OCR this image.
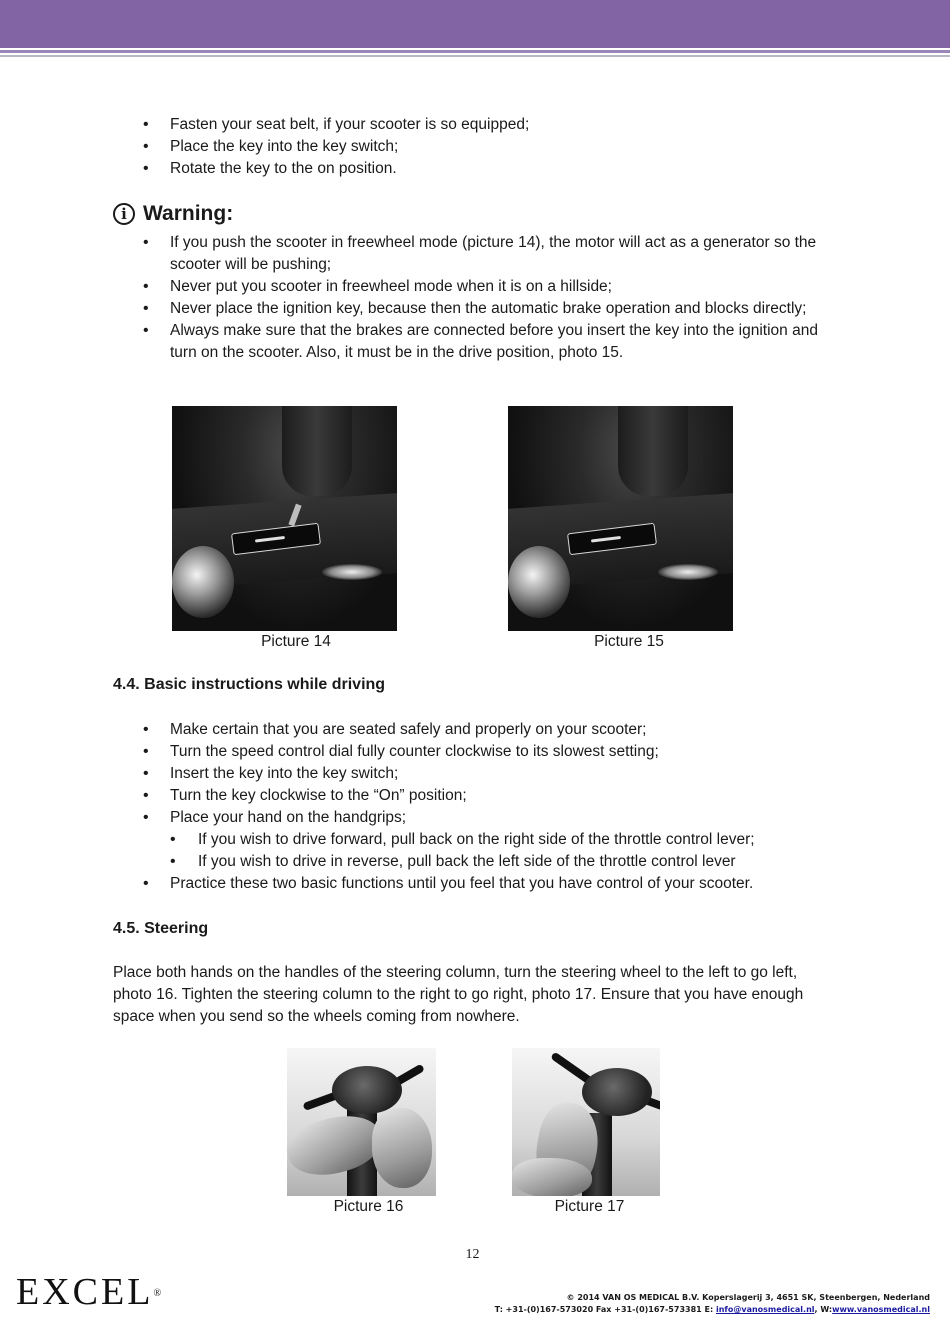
• Fasten your seat belt, if your scooter is so equipped;
• Place the key into the key switch;
• Rotate the key to the on position.
i Warning:
• If you push the scooter in freewheel mode (picture 14), the motor will act as a generator so the scooter will be pushing;
• Never put you scooter in freewheel mode when it is on a hillside;
• Never place the ignition key, because then the automatic brake operation and blocks directly;
• Always make sure that the brakes are connected before you insert the key into the ignition and turn on the scooter. Also, it must be in the drive position, photo 15.
Picture 14	Picture 15
4.4. Basic instructions while driving
• Make certain that you are seated safely and properly on your scooter;
• Turn the speed control dial fully counter clockwise to its slowest setting;
• Insert the key into the key switch;
• Turn the key clockwise to the “On” position;
• Place your hand on the handgrips;
• If you wish to drive forward, pull back on the right side of the throttle control lever;
• If you wish to drive in reverse, pull back the left side of the throttle control lever
• Practice these two basic functions until you feel that you have control of your scooter.
4.5. Steering

Place both hands on the handles of the steering column, turn the steering wheel to the left to go left, photo 16. Tighten the steering column to the right to go right, photo 17. Ensure that you have enough space when you send so the wheels coming from nowhere.

Picture 16	Picture 17
12
EXCEL®	© 2014 VAN OS MEDICAL B.V. Koperslagerij 3, 4651 SK, Steenbergen, Nederland
T: +31-(0)167-573020 Fax +31-(0)167-573381 E: info@vanosmedical.nl, W:www.vanosmedical.nl
